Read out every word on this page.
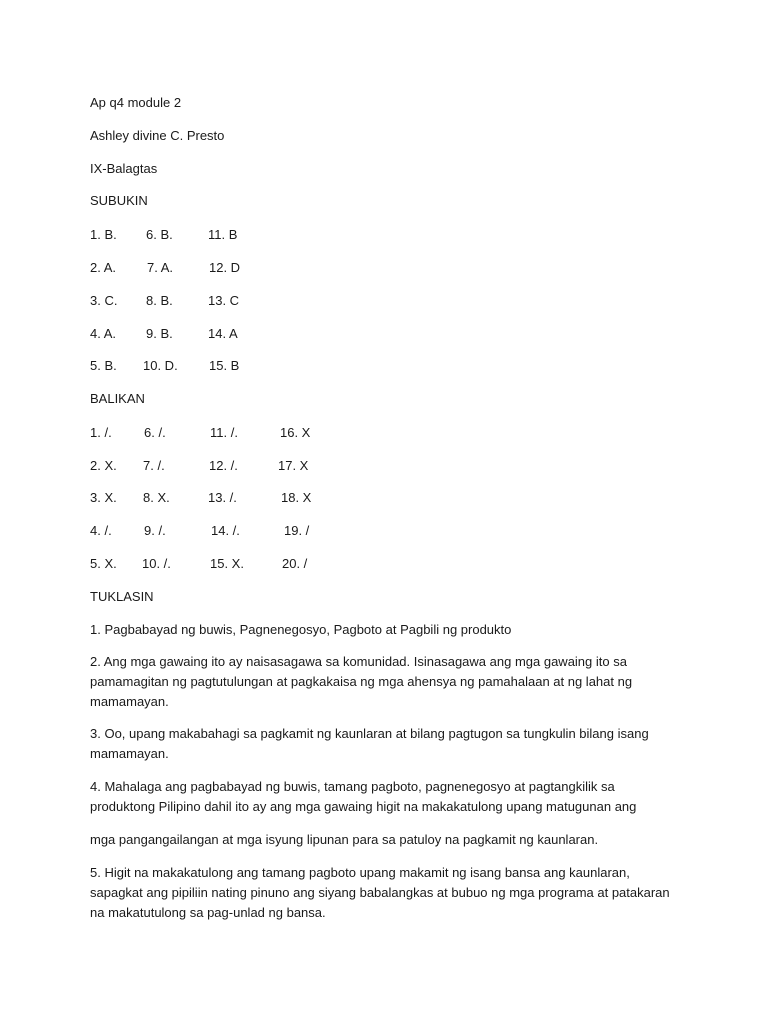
Ap q4 module 2
Ashley divine C. Presto
IX-Balagtas
SUBUKIN
1. B. 6. B.	11. B
2. A. 7. A.	12. D
3. C. 8. B.	13. C
4. A. 9. B.	14. A
5. B. 10. D. 15. B
BALIKAN
1. /. 6. /.	11. /.	16. X
2. X. 7. /.	12. /.	17. X
3. X. 8. X.	13. /.	18. X
4. /. 9. /.	14. /.	19. /
5. X. 10. /.	15. X.	20. /
TUKLASIN
1. Pagbabayad ng buwis, Pagnenegosyo, Pagboto at Pagbili ng produkto
2. Ang mga gawaing ito ay naisasagawa sa komunidad. Isinasagawa ang mga gawaing ito sa pamamagitan ng pagtutulungan at pagkakaisa ng mga ahensya ng pamahalaan at ng lahat ng mamamayan.
3. Oo, upang makabahagi sa pagkamit ng kaunlaran at bilang pagtugon sa tungkulin bilang isang mamamayan.
4. Mahalaga ang pagbabayad ng buwis, tamang pagboto, pagnenegosyo at pagtangkilik sa produktong Pilipino dahil ito ay ang mga gawaing higit na makakatulong upang matugunan ang
mga pangangailangan at mga isyung lipunan para sa patuloy na pagkamit ng kaunlaran.
5. Higit na makakatulong ang tamang pagboto upang makamit ng isang bansa ang kaunlaran, sapagkat ang pipiliin nating pinuno ang siyang babalangkas at bubuo ng mga programa at patakaran na makatutulong sa pag-unlad ng bansa.
